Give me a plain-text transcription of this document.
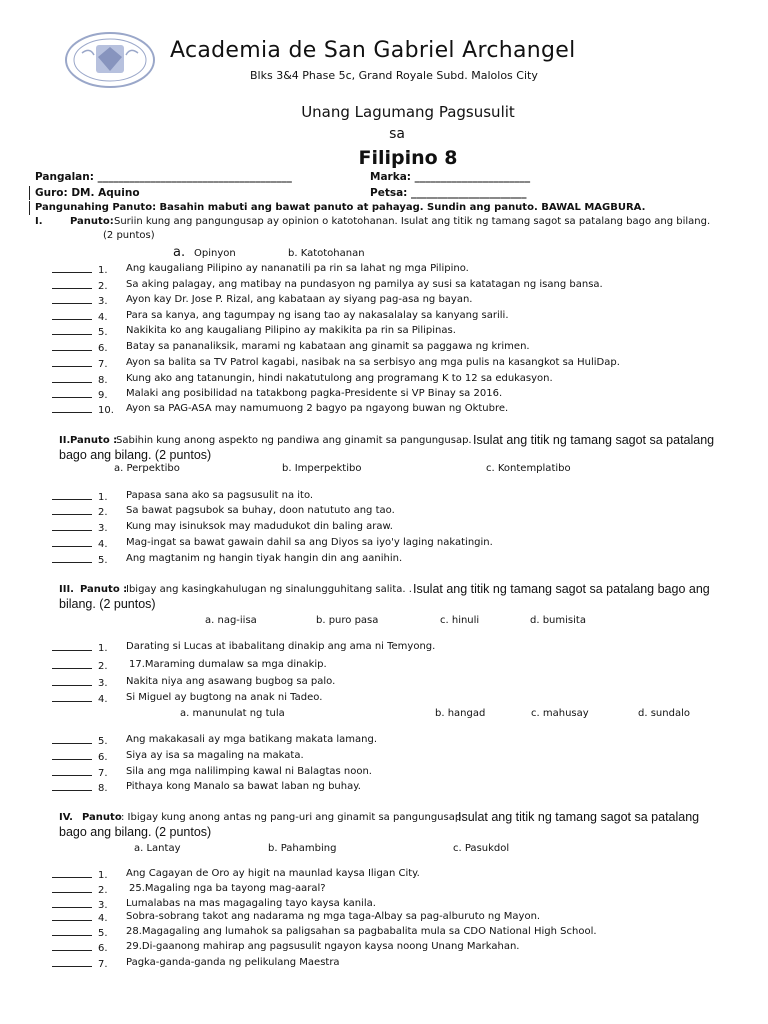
Academia de San Gabriel Archangel
Blks 3&4 Phase 5c, Grand Royale Subd. Malolos City
Unang Lagumang Pagsusulit
sa
Filipino 8
Pangalan: _____________________________________	Marka: ______________________
Guro: DM. Aquino	Petsa: ______________________
Pangunahing Panuto: Basahin mabuti ang bawat panuto at pahayag. Sundin ang panuto. BAWAL MAGBURA.
I.	Panuto: Suriin kung ang pangungusap ay opinion o katotohanan. Isulat ang titik ng tamang sagot sa patalang bago ang bilang.
(2 puntos)
a. Opinyon	b. Katotohanan
1. Ang kaugaliang Pilipino ay nananatili pa rin sa lahat ng mga Pilipino.
2. Sa aking palagay, ang matibay na pundasyon ng pamilya ay susi sa katatagan ng isang bansa.
3. Ayon kay Dr. Jose P. Rizal, ang kabataan ay siyang pag-asa ng bayan.
4. Para sa kanya, ang tagumpay ng isang tao ay nakasalalay sa kanyang sarili.
5. Nakikita ko ang kaugaliang Pilipino ay makikita pa rin sa Pilipinas.
6. Batay sa pananaliksik, marami ng kabataan ang ginamit sa paggawa ng krimen.
7. Ayon sa balita sa TV Patrol kagabi, nasibak na sa serbisyo ang mga pulis na kasangkot sa HuliDap.
8. Kung ako ang tatanungin, hindi nakatutulong ang programang K to 12 sa edukasyon.
9. Malaki ang posibilidad na tatakbong pagka-Presidente si VP Binay sa 2016.
10. Ayon sa PAG-ASA may namumuong 2 bagyo pa ngayong buwan ng Oktubre.
II. Panuto :
Sabihin kung anong aspekto ng pandiwa ang ginamit sa pangungusap. Isulat ang titik ng tamang sagot sa patalang
bago ang bilang. (2 puntos)
a. Perpektibo	b. Imperpektibo	c. Kontemplatibo
1. Papasa sana ako sa pagsusulit na ito.
2. Sa bawat pagsubok sa buhay, doon natututo ang tao.
3. Kung may isinuksok may madudukot din baling araw.
4. Mag-ingat sa bawat gawain dahil sa ang Diyos sa iyo'y laging nakatingin.
5. Ang magtanim ng hangin tiyak hangin din ang aanihin.
III. Panuto :
Ibigay ang kasingkahulugan ng sinalungguhitang salita. . Isulat ang titik ng tamang sagot sa patalang bago ang
bilang. (2 puntos)
a. nag-iisa	b. puro pasa	c. hinuli	d. bumisita
1. Darating si Lucas at ibabalitang dinakip ang ama ni Temyong.
2. 17.Maraming dumalaw sa mga dinakip.
3. Nakita niya ang asawang bugbog sa palo.
4. Si Miguel ay bugtong na anak ni Tadeo.
a. manunulat ng tula	b. hangad	c. mahusay	d. sundalo
5. Ang makakasali ay mga batikang makata lamang.
6. Siya ay isa sa magaling na makata.
7. Sila ang mga nalilimping kawal ni Balagtas noon.
8. Pithaya kong Manalo sa bawat laban ng buhay.
IV. Panuto : Ibigay kung anong antas ng pang-uri ang ginamit sa pangungusap.
Isulat ang titik ng tamang sagot sa patalang
bago ang bilang. (2 puntos)
a. Lantay	b. Pahambing	c. Pasukdol
1. Ang Cagayan de Oro ay higit na maunlad kaysa Iligan City.
2. 25.Magaling nga ba tayong mag-aaral?
3. Lumalabas na mas magagaling tayo kaysa kanila.
4. Sobra-sobrang takot ang nadarama ng mga taga-Albay sa pag-alburuto ng Mayon.
5. 28.Magagaling ang lumahok sa paligsahan sa pagbabalita mula sa CDO National High School.
6. 29.Di-gaanong mahirap ang pagsusulit ngayon kaysa noong Unang Markahan.
7. Pagka-ganda-ganda ng pelikulang Maestra
